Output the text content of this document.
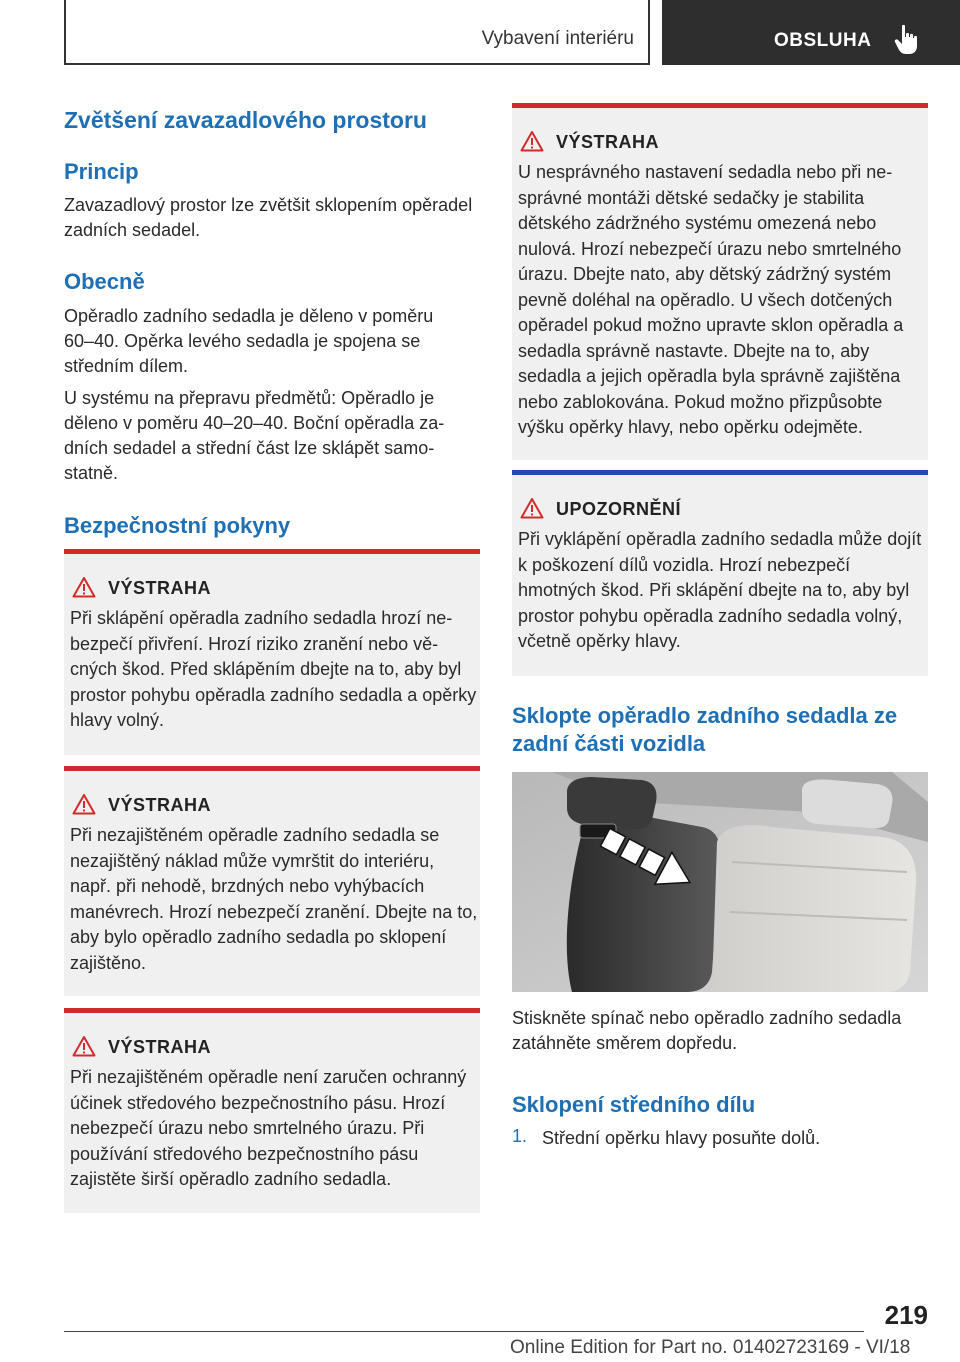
Vybavení interiéru	OBSLUHA
Zvětšení zavazadlového prostoru
Princip

Zavazadlový prostor lze zvětšit sklopením opěradel zadních sedadel.

Obecně

Opěradlo zadního sedadla je děleno v poměru 60–40. Opěrka levého sedadla je spojena se středním dílem.

U systému na přepravu předmětů: Opěradlo je děleno v poměru 40–20–40. Boční opěradla zadních sedadel a střední část lze sklápět samostatně.

Bezpečnostní pokyny
VÝSTRAHA

Při sklápění opěradla zadního sedadla hrozí nebezpečí přivření. Hrozí riziko zranění nebo věcných škod. Před sklápěním dbejte na to, aby byl prostor pohybu opěradla zadního sedadla a opěrky hlavy volný.

VÝSTRAHA

Při nezajištěném opěradle zadního sedadla se nezajištěný náklad může vymrštit do interiéru, např. při nehodě, brzdných nebo vyhýbacích manévrech. Hrozí nebezpečí zranění. Dbejte na to, aby bylo opěradlo zadního sedadla po sklopení zajištěno.

VÝSTRAHA

Při nezajištěném opěradle není zaručen ochranný účinek středového bezpečnostního pásu. Hrozí nebezpečí úrazu nebo smrtelného úrazu. Při používání středového bezpečnostního pásu zajistěte širší opěradlo zadního sedadla.

VÝSTRAHA

U nesprávného nastavení sedadla nebo při nesprávné montáži dětské sedačky je stabilita dětského zádržného systému omezená nebo nulová. Hrozí nebezpečí úrazu nebo smrtelného úrazu. Dbejte nato, aby dětský zádržný systém pevně doléhal na opěradlo. U všech dotčených opěradel pokud možno upravte sklon opěradla a sedadla správně nastavte. Dbejte na to, aby sedadla a jejich opěradla byla správně zajištěna nebo zablokována. Pokud možno přizpůsobte výšku opěrky hlavy, nebo opěrku odejměte.

UPOZORNĚNÍ

Při vyklápění opěradla zadního sedadla může dojít k poškození dílů vozidla. Hrozí nebezpečí hmotných škod. Při sklápění dbejte na to, aby byl prostor pohybu opěradla zadního sedadla volný, včetně opěrky hlavy.

Sklopte opěradlo zadního sedadla ze zadní části vozidla

Stiskněte spínač nebo opěradlo zadního sedadla zatáhněte směrem dopředu.

Sklopení středního dílu
1. Střední opěrku hlavy posuňte dolů.
219
Online Edition for Part no. 01402723169 - VI/18
